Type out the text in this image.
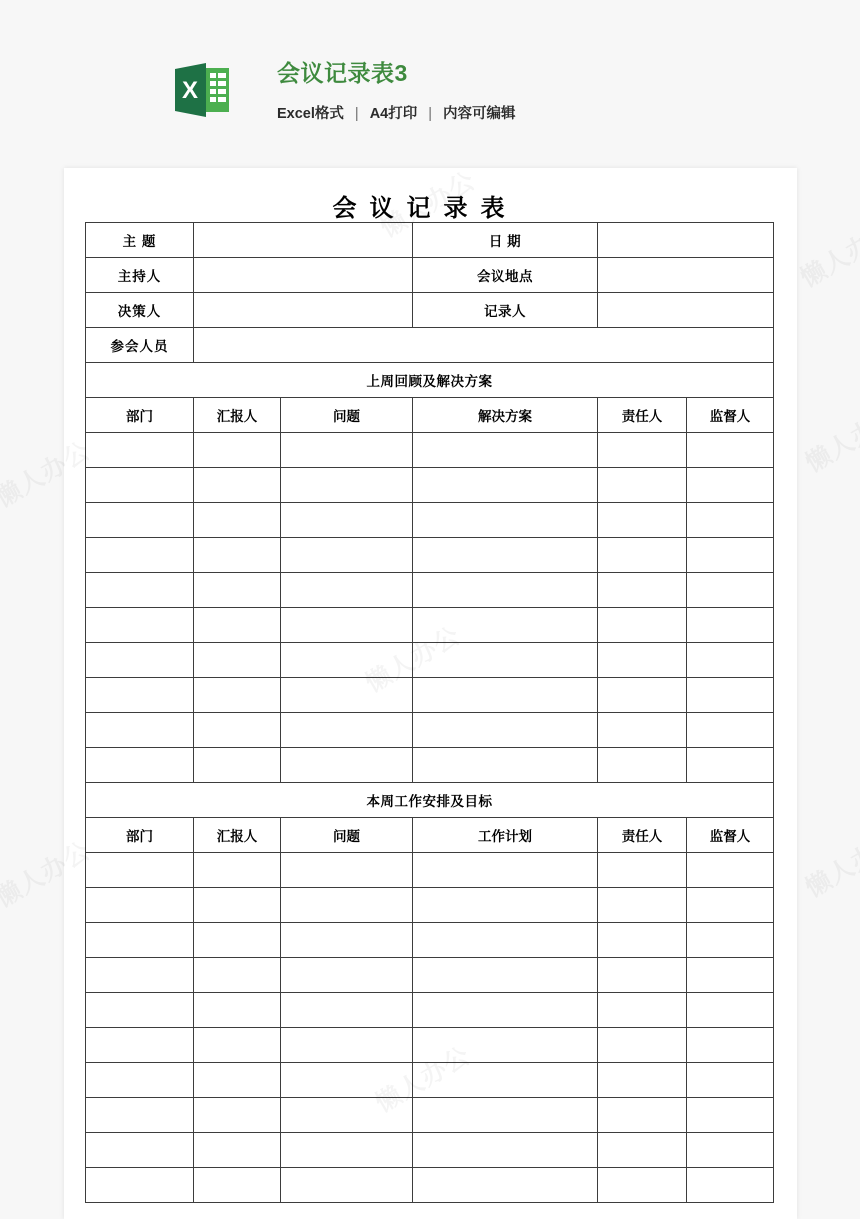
X
会议记录表3
Excel格式 | A4打印 | 内容可编辑
会议记录表
主 题			日 期		
主持人			会议地点		
决策人			记录人		
参会人员					
上周回顾及解决方案					
部门	汇报人	问题	解决方案	责任人	监督人

本周工作安排及目标					
部门	汇报人	问题	工作计划	责任人	监督人
